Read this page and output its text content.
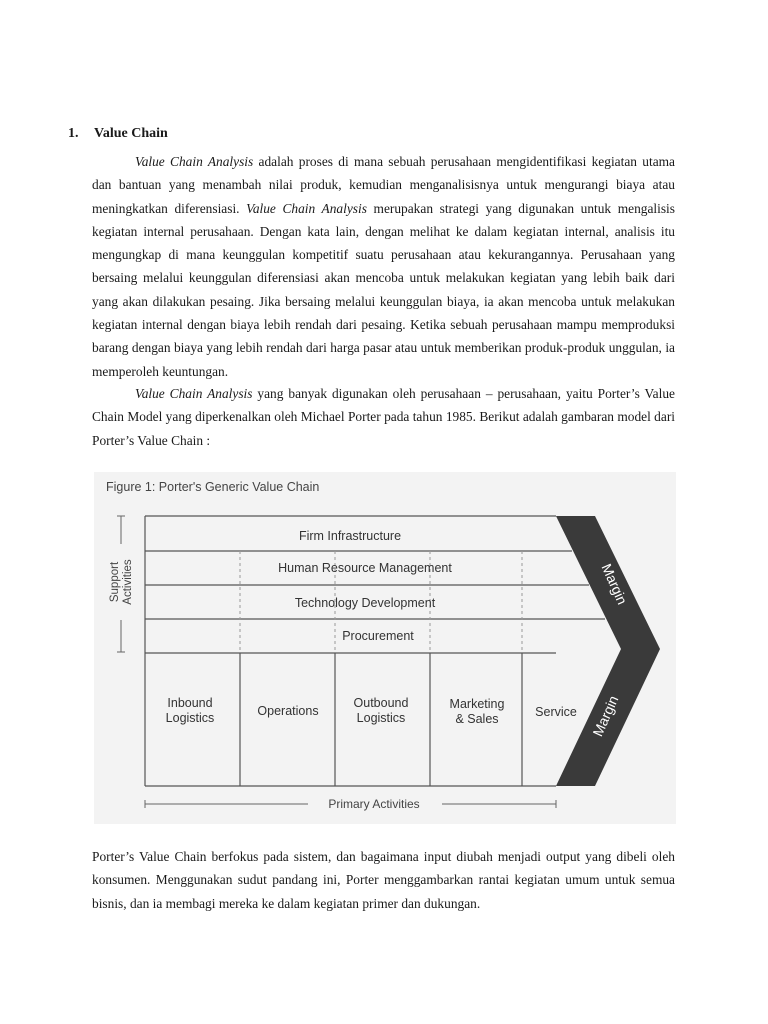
1. Value Chain

Value Chain Analysis adalah proses di mana sebuah perusahaan mengidentifikasi kegiatan utama dan bantuan yang menambah nilai produk, kemudian menganalisisnya untuk mengurangi biaya atau meningkatkan diferensiasi. Value Chain Analysis merupakan strategi yang digunakan untuk mengalisis kegiatan internal perusahaan. Dengan kata lain, dengan melihat ke dalam kegiatan internal, analisis itu mengungkap di mana keunggulan kompetitif suatu perusahaan atau kekurangannya. Perusahaan yang bersaing melalui keunggulan diferensiasi akan mencoba untuk melakukan kegiatan yang lebih baik dari yang akan dilakukan pesaing. Jika bersaing melalui keunggulan biaya, ia akan mencoba untuk melakukan kegiatan internal dengan biaya lebih rendah dari pesaing. Ketika sebuah perusahaan mampu memproduksi barang dengan biaya yang lebih rendah dari harga pasar atau untuk memberikan produk-produk unggulan, ia memperoleh keuntungan.

Value Chain Analysis yang banyak digunakan oleh perusahaan – perusahaan, yaitu Porter’s Value Chain Model yang diperkenalkan oleh Michael Porter pada tahun 1985. Berikut adalah gambaran model dari Porter’s Value Chain :

Figure 1: Porter's Generic Value Chain
Firm Infrastructure
Human Resource Management
Technology Development
Procurement
Support Activities
Inbound
Logistics	Operations
Outbound
Logistics
Marketing
& Sales	Service
Margin
Margin
Primary Activities

Porter’s Value Chain berfokus pada sistem, dan bagaimana input diubah menjadi output yang dibeli oleh konsumen. Menggunakan sudut pandang ini, Porter menggambarkan rantai kegiatan umum untuk semua bisnis, dan ia membagi mereka ke dalam kegiatan primer dan dukungan.
